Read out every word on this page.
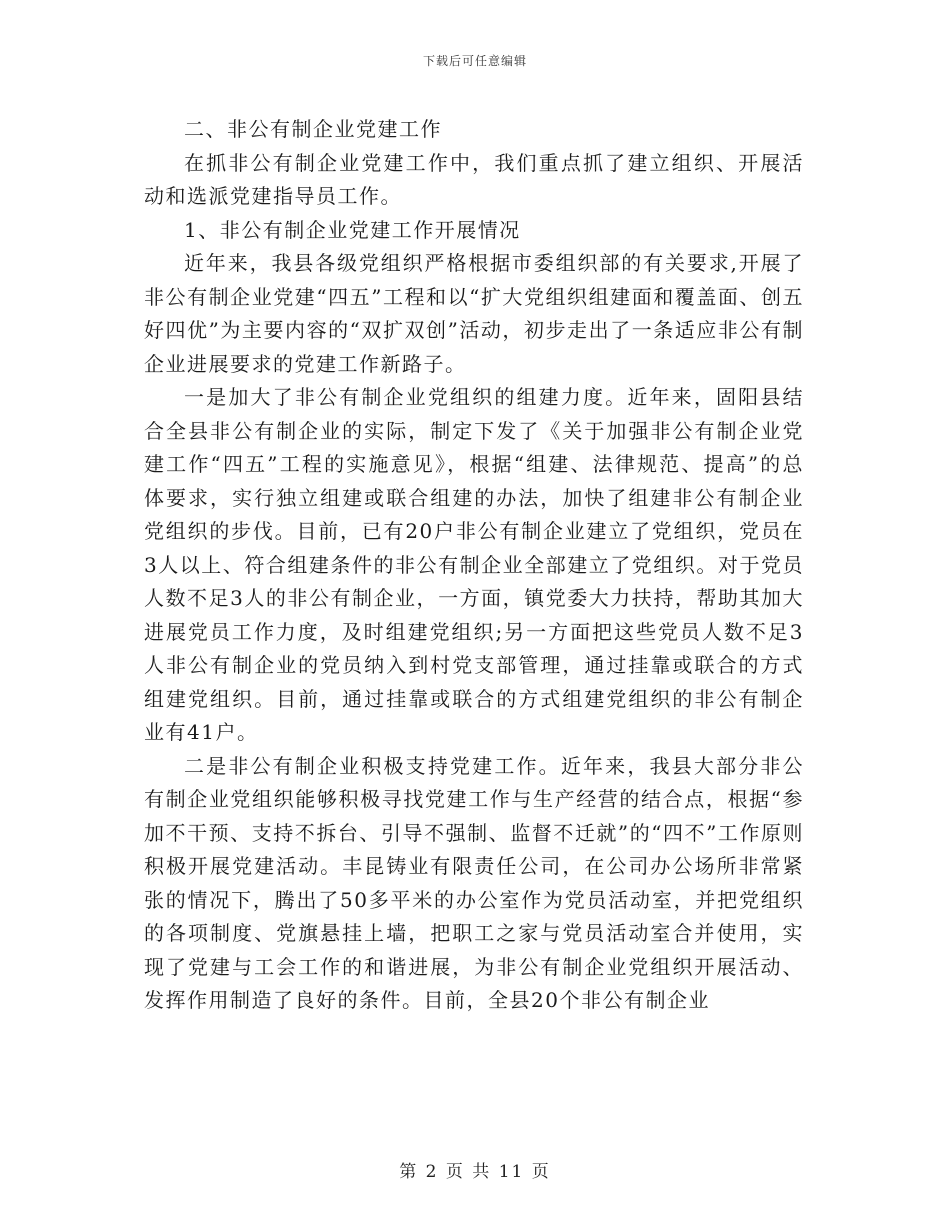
下载后可任意编辑

二、非公有制企业党建工作

在抓非公有制企业党建工作中，我们重点抓了建立组织、开展活动和选派党建指导员工作。

1、非公有制企业党建工作开展情况

近年来，我县各级党组织严格根据市委组织部的有关要求,开展了非公有制企业党建“四五”工程和以“扩大党组织组建面和覆盖面、创五好四优”为主要内容的“双扩双创”活动，初步走出了一条适应非公有制企业进展要求的党建工作新路子。

一是加大了非公有制企业党组织的组建力度。近年来，固阳县结合全县非公有制企业的实际，制定下发了《关于加强非公有制企业党建工作“四五”工程的实施意见》，根据“组建、法律规范、提高”的总体要求，实行独立组建或联合组建的办法，加快了组建非公有制企业党组织的步伐。目前，已有20户非公有制企业建立了党组织，党员在3人以上、符合组建条件的非公有制企业全部建立了党组织。对于党员人数不足3人的非公有制企业，一方面，镇党委大力扶持，帮助其加大进展党员工作力度，及时组建党组织;另一方面把这些党员人数不足3人非公有制企业的党员纳入到村党支部管理，通过挂靠或联合的方式组建党组织。目前，通过挂靠或联合的方式组建党组织的非公有制企业有41户。

二是非公有制企业积极支持党建工作。近年来，我县大部分非公有制企业党组织能够积极寻找党建工作与生产经营的结合点，根据“参加不干预、支持不拆台、引导不强制、监督不迁就”的“四不”工作原则积极开展党建活动。丰昆铸业有限责任公司，在公司办公场所非常紧张的情况下，腾出了50多平米的办公室作为党员活动室，并把党组织的各项制度、党旗悬挂上墙，把职工之家与党员活动室合并使用，实现了党建与工会工作的和谐进展，为非公有制企业党组织开展活动、发挥作用制造了良好的条件。目前，全县20个非公有制企业

第 2 页 共 11 页
